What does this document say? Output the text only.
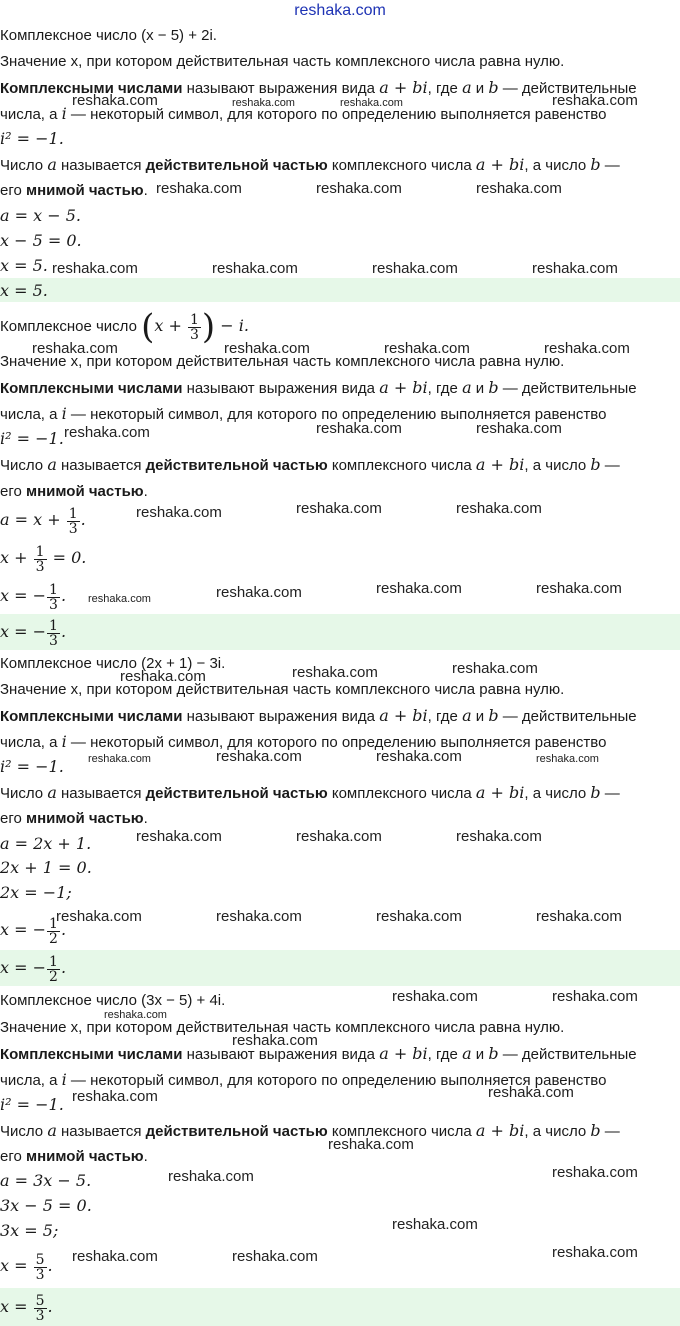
reshaka.com
Комплексное число (x − 5) + 2i.
Значение x, при котором действительная часть комплексного числа равна нулю.
Комплексными числами называют выражения вида a + bi, где a и b — действительные
числа, а i — некоторый символ, для которого по определению выполняется равенство
i² = −1.
Число a называется действительной частью комплексного числа a + bi, а число b —
его мнимой частью.
a = x − 5.
x − 5 = 0.
x = 5.
x = 5.
Комплексное число ($x + \frac{1}{3}$ ) − i.
Значение x, при котором действительная часть комплексного числа равна нулю.
Комплексными числами называют выражения вида a + bi, где a и b — действительные
числа, а i — некоторый символ, для которого по определению выполняется равенство
i² = −1.
Число a называется действительной частью комплексного числа a + bi, а число b —
его мнимой частью.
$a = x + \frac{1}{3}$ .
$x + \frac{1}{3} = 0$.
x = − $\frac{1}{3}$ .
x = − $\frac{1}{3}$ .
Комплексное число (2x + 1) − 3i.
Значение x, при котором действительная часть комплексного числа равна нулю.
Комплексными числами называют выражения вида a + bi, где a и b — действительные
числа, а i — некоторый символ, для которого по определению выполняется равенство
i² = −1.
Число a называется действительной частью комплексного числа a + bi, а число b —
его мнимой частью.
a = 2x + 1.
2x + 1 = 0.
2x = −1;
x = − $\frac{1}{2}$ .
x = − $\frac{1}{2}$ .
Комплексное число (3x − 5) + 4i.
Значение x, при котором действительная часть комплексного числа равна нулю.
Комплексными числами называют выражения вида a + bi, где a и b — действительные
числа, а i — некоторый символ, для которого по определению выполняется равенство
i² = −1.
Число a называется действительной частью комплексного числа a + bi, а число b —
его мнимой частью.
a = 3x − 5.
3x − 5 = 0.
3x = 5;
$x = \frac{5}{3}$ .
$x = \frac{5}{3}$ .
reshaka.com	reshaka.com	reshaka.com	reshaka.com
reshaka.com	reshaka.com	reshaka.com
reshaka.com	reshaka.com	reshaka.com	reshaka.com
reshaka.com	reshaka.com	reshaka.com	reshaka.com
reshaka.com	reshaka.com	reshaka.com
reshaka.com	reshaka.com	reshaka.com
reshaka.com	reshaka.com	reshaka.com	reshaka.com
reshaka.com	reshaka.com	reshaka.com
reshaka.com	reshaka.com	reshaka.com	reshaka.com
reshaka.com	reshaka.com	reshaka.com
reshaka.com	reshaka.com	reshaka.com	reshaka.com
reshaka.com	reshaka.com
reshaka.com
reshaka.com
reshaka.com	reshaka.com
reshaka.com
reshaka.com	reshaka.com
reshaka.com
reshaka.com	reshaka.com	reshaka.com
